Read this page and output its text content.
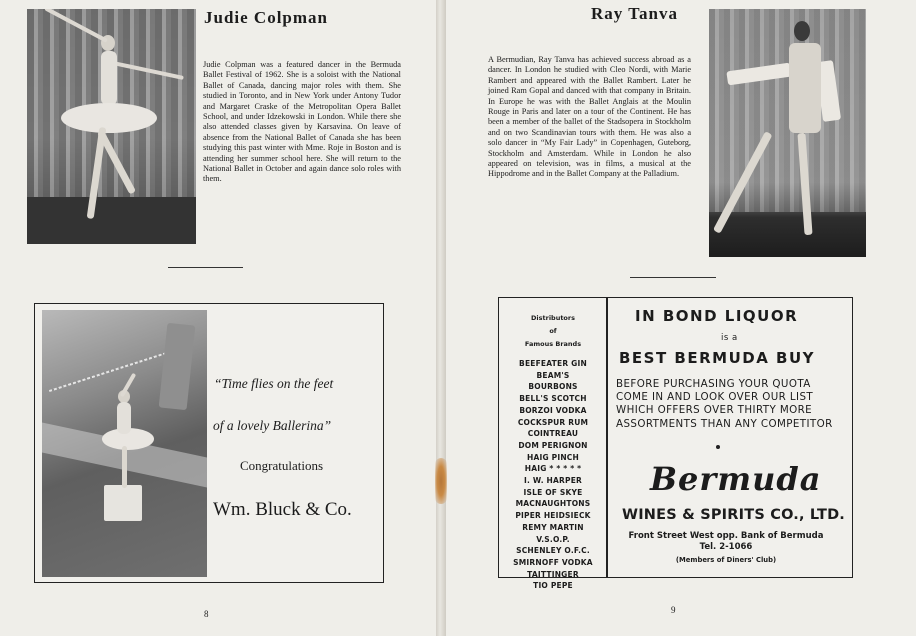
Judie Colpman

Judie Colpman was a featured dancer in the Bermuda Ballet Festival of 1962. She is a soloist with the National Ballet of Canada, dancing major roles with them. She studied in Toronto, and in New York under Antony Tudor and Margaret Craske of the Metropolitan Opera Ballet School, and under Idzekowski in London. While there she also attended classes given by Karsavina. On leave of absence from the National Ballet of Canada she has been studying this past winter with Mme. Roje in Boston and is attending her summer school here. She will return to the National Ballet in October and again dance solo roles with them.

“Time flies on the feet
of a lovely Ballerina”
Congratulations
Wm. Bluck & Co.
8
Ray Tanva

A Bermudian, Ray Tanva has achieved success abroad as a dancer. In London he studied with Cleo Nordi, with Marie Rambert and appeared with the Ballet Rambert. Later he joined Ram Gopal and danced with that company in Britain. In Europe he was with the Ballet Anglais at the Moulin Rouge in Paris and later on a tour of the Continent. He has been a member of the ballet of the Stadsopera in Stockholm and on two Scandinavian tours with them. He was also a solo dancer in “My Fair Lady” in Copenhagen, Guteborg, Stockholm and Amsterdam. While in London he also appeared on television, was in films, a musical at the Hippodrome and in the Ballet Company at the Palladium.

Distributors
of
Famous Brands
BEEFEATER GIN
BEAM'S
BOURBONS
BELL'S SCOTCH
BORZOI VODKA
COCKSPUR RUM
COINTREAU
DOM PERIGNON
HAIG PINCH
HAIG * * * * *
I. W. HARPER
ISLE OF SKYE
MACNAUGHTONS
PIPER HEIDSIECK
REMY MARTIN
V.S.O.P.
SCHENLEY O.F.C.
SMIRNOFF VODKA
TAITTINGER
TIO PEPE
IN BOND LIQUOR
is a
BEST BERMUDA BUY

BEFORE PURCHASING YOUR QUOTA COME IN AND LOOK OVER OUR LIST WHICH OFFERS OVER THIRTY MORE ASSORTMENTS THAN ANY COMPETITOR

Bermuda
WINES & SPIRITS CO., LTD.
Front Street West opp. Bank of Bermuda
Tel. 2-1066
(Members of Diners' Club)
9
